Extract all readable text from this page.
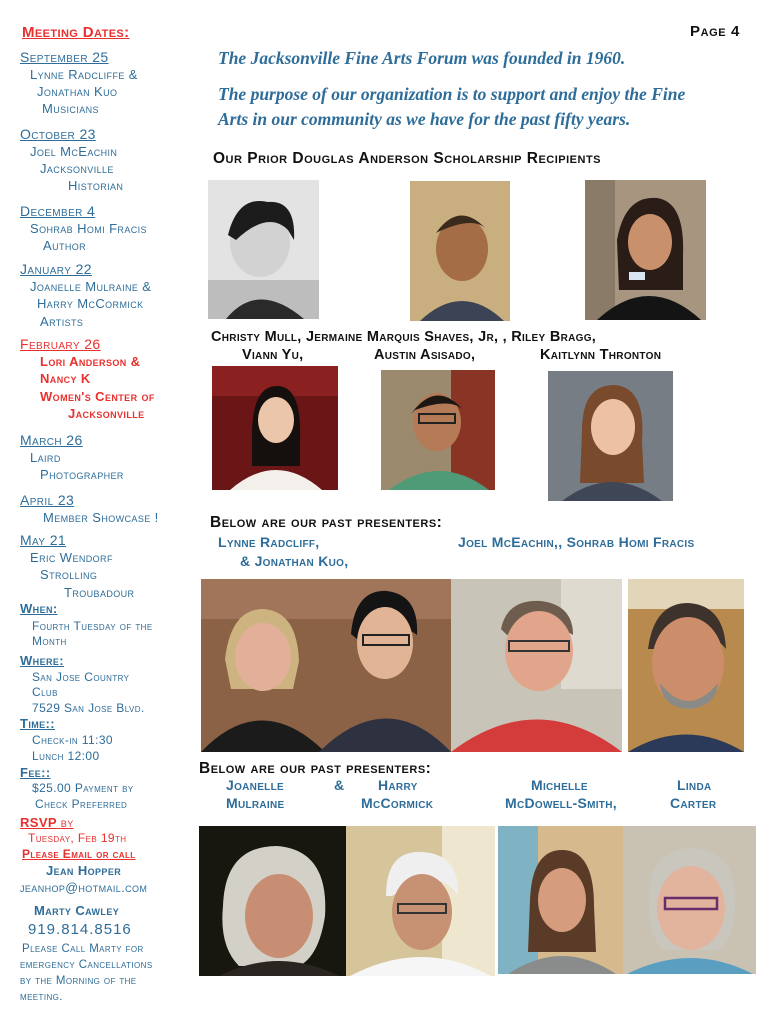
Page 4
Meeting Dates:
September 25
Lynne Radcliffe &
Jonathan Kuo
Musicians
October 23
Joel McEachin
Jacksonville
Historian
December 4
Sohrab Homi Fracis
Author
January 22
Joanelle Mulraine &
Harry McCormick
Artists
February 26
Lori Anderson &
Nancy K
Women's Center of
Jacksonville
March 26
Laird
Photographer
April 23
Member Showcase !
May 21
Eric Wendorf
Strolling
Troubadour
When:
Fourth Tuesday of the
Month
Where:
San Jose Country
Club
7529 San Jose Blvd.
Time::
Check-in 11:30
Lunch 12:00
Fee::
$25.00 Payment by
Check Preferred
RSVP by
Tuesday, Feb 19th
Please Email or call
Jean Hopper
jeanhop@hotmail.com
Marty Cawley
919.814.8516
Please Call Marty for
emergency Cancellations
by the Morning of the
meeting.
The Jacksonville Fine Arts Forum was founded in 1960.
The purpose of our organization is to support and enjoy the Fine
Arts in our community as we have for the past fifty years.
Our Prior Douglas Anderson Scholarship Recipients
Christy Mull, Jermaine Marquis Shaves, Jr, , Riley Bragg,
Viann Yu,	Austin Asisado,	Kaitlynn Thronton
Below are our past presenters:
Lynne Radcliff,
& Jonathan Kuo,
Joel McEachin,, Sohrab Homi Fracis
Below are our past presenters:
Joanelle
Mulraine
& Harry
McCormick
Michelle
McDowell-Smith,
Linda
Carter
